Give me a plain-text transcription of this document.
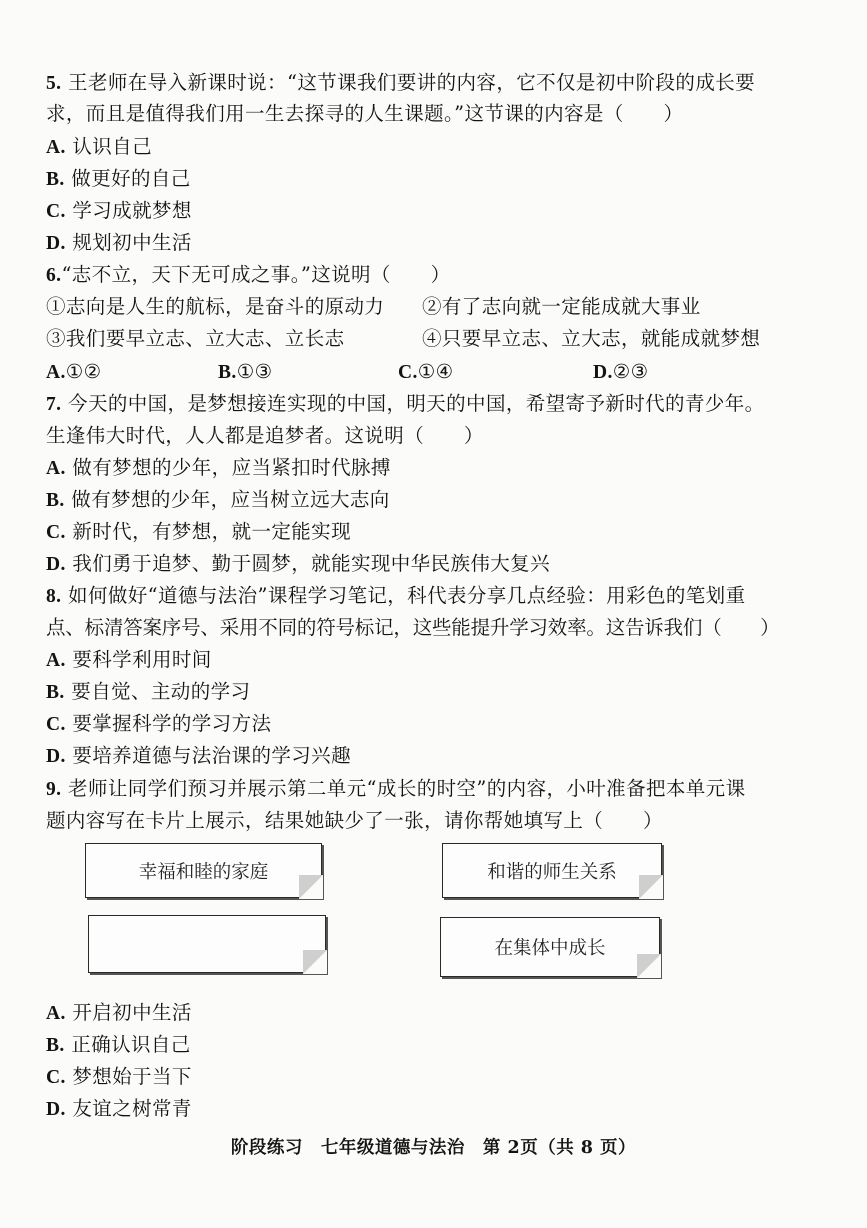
5. 王老师在导入新课时说：“这节课我们要讲的内容，它不仅是初中阶段的成长要
求，而且是值得我们用一生去探寻的人生课题。”这节课的内容是（　　）
A. 认识自己
B. 做更好的自己
C. 学习成就梦想
D. 规划初中生活
6.“志不立，天下无可成之事。”这说明（　　）
①志向是人生的航标，是奋斗的原动力 ②有了志向就一定能成就大事业
③我们要早立志、立大志、立长志	④只要早立志、立大志，就能成就梦想
A.①②	B.①③	C.①④	D.②③
7. 今天的中国，是梦想接连实现的中国，明天的中国，希望寄予新时代的青少年。
生逢伟大时代，人人都是追梦者。这说明（　　）
A. 做有梦想的少年，应当紧扣时代脉搏
B. 做有梦想的少年，应当树立远大志向
C. 新时代，有梦想，就一定能实现
D. 我们勇于追梦、勤于圆梦，就能实现中华民族伟大复兴
8. 如何做好“道德与法治”课程学习笔记，科代表分享几点经验：用彩色的笔划重
点、标清答案序号、采用不同的符号标记，这些能提升学习效率。这告诉我们（　　）
A. 要科学利用时间
B. 要自觉、主动的学习
C. 要掌握科学的学习方法
D. 要培养道德与法治课的学习兴趣
9. 老师让同学们预习并展示第二单元“成长的时空”的内容，小叶准备把本单元课
题内容写在卡片上展示，结果她缺少了一张，请你帮她填写上（　　）
幸福和睦的家庭	和谐的师生关系
在集体中成长
A. 开启初中生活
B. 正确认识自己
C. 梦想始于当下
D. 友谊之树常青
阶段练习　七年级道德与法治　第 2页（共 8 页）
